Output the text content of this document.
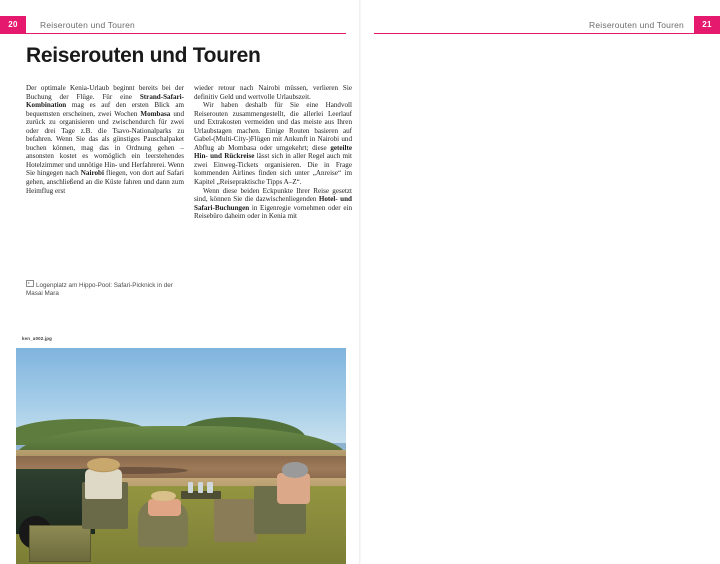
20	Reiserouten und Touren
Reiserouten und Touren

Der optimale Kenia-Urlaub beginnt bereits bei der Buchung der Flüge. Für eine Strand-Safari-Kombination mag es auf den ersten Blick am bequemsten erscheinen, zwei Wochen Mombasa und zurück zu organisieren und zwischendurch für zwei oder drei Tage z.B. die Tsavo-Nationalparks zu befahren. Wenn Sie das als günstiges Pauschalpaket buchen können, mag das in Ordnung gehen – ansonsten kostet es womöglich ein leerstehendes Hotelzimmer und unnötige Hin- und Herfahrerei. Wenn Sie hingegen nach Nairobi fliegen, von dort auf Safari gehen, anschließend an die Küste fahren und dann zum Heimflug erst

wieder retour nach Nairobi müssen, verlieren Sie definitiv Geld und wertvolle Urlaubszeit.

Wir haben deshalb für Sie eine Handvoll Reiserouten zusammengestellt, die allerlei Leerlauf und Extrakosten vermeiden und das meiste aus Ihren Urlaubstagen machen. Einige Routen basieren auf Gabel-(Multi-City-)Flügen mit Ankunft in Nairobi und Abflug ab Mombasa oder umgekehrt; diese geteilte Hin- und Rückreise lässt sich in aller Regel auch mit zwei Einweg-Tickets organisieren. Die in Frage kommenden Airlines finden sich unter „Anreise“ im Kapitel „Reisepraktische Tipps A–Z“.

Wenn diese beiden Eckpunkte Ihrer Reise gesetzt sind, können Sie die dazwischenliegenden Hotel- und Safari-Buchungen in Eigenregie vornehmen oder ein Reisebüro daheim oder in Kenia mit

Logenplatz am Hippo-Pool: Safari-Picknick in der Masai Mara
ken_a002.jpg
Reiserouten und Touren	21
